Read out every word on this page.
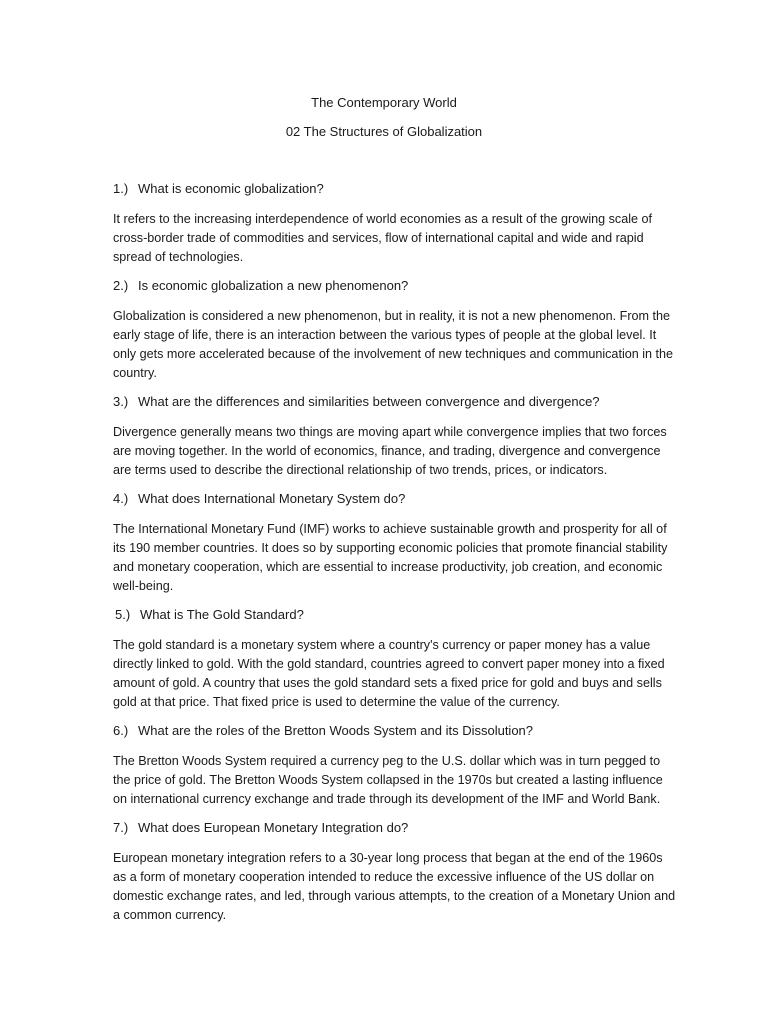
The Contemporary World
02 The Structures of Globalization
1.) What is economic globalization?

It refers to the increasing interdependence of world economies as a result of the growing scale of cross-border trade of commodities and services, flow of international capital and wide and rapid spread of technologies.

2.) Is economic globalization a new phenomenon?

Globalization is considered a new phenomenon, but in reality, it is not a new phenomenon. From the early stage of life, there is an interaction between the various types of people at the global level. It only gets more accelerated because of the involvement of new techniques and communication in the country.

3.) What are the differences and similarities between convergence and divergence?

Divergence generally means two things are moving apart while convergence implies that two forces are moving together. In the world of economics, finance, and trading, divergence and convergence are terms used to describe the directional relationship of two trends, prices, or indicators.

4.) What does International Monetary System do?

The International Monetary Fund (IMF) works to achieve sustainable growth and prosperity for all of its 190 member countries. It does so by supporting economic policies that promote financial stability and monetary cooperation, which are essential to increase productivity, job creation, and economic well-being.

5.) What is The Gold Standard?

The gold standard is a monetary system where a country's currency or paper money has a value directly linked to gold. With the gold standard, countries agreed to convert paper money into a fixed amount of gold. A country that uses the gold standard sets a fixed price for gold and buys and sells gold at that price. That fixed price is used to determine the value of the currency.

6.) What are the roles of the Bretton Woods System and its Dissolution?

The Bretton Woods System required a currency peg to the U.S. dollar which was in turn pegged to the price of gold. The Bretton Woods System collapsed in the 1970s but created a lasting influence on international currency exchange and trade through its development of the IMF and World Bank.

7.) What does European Monetary Integration do?

European monetary integration refers to a 30-year long process that began at the end of the 1960s as a form of monetary cooperation intended to reduce the excessive influence of the US dollar on domestic exchange rates, and led, through various attempts, to the creation of a Monetary Union and a common currency.
